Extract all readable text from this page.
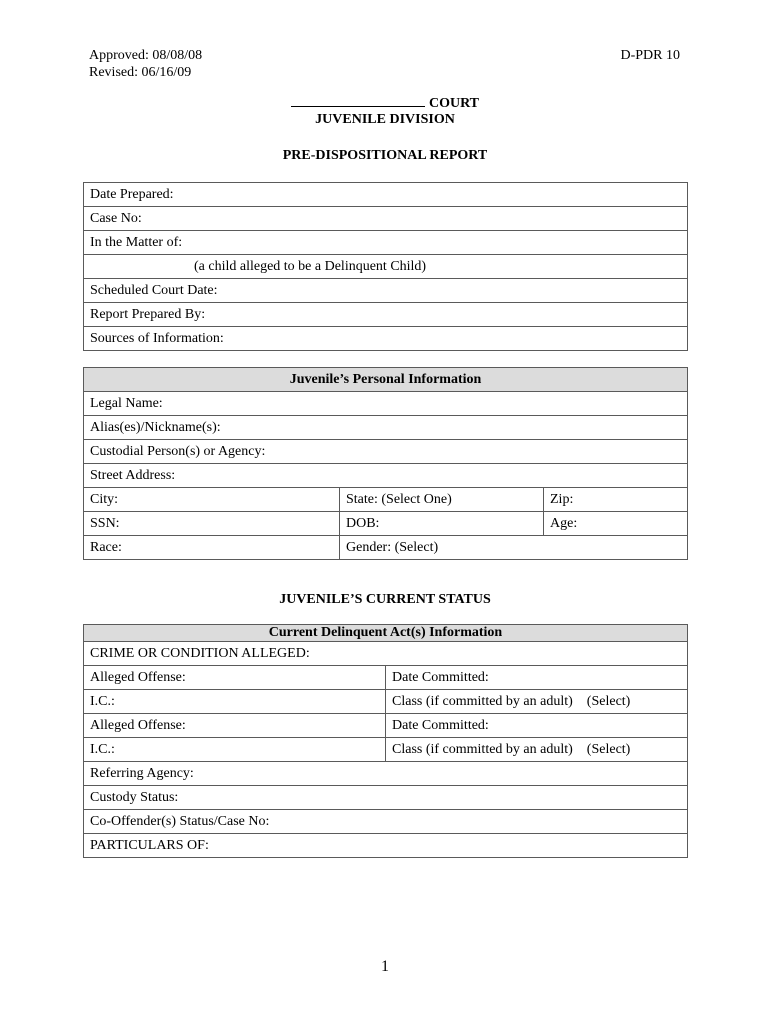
Approved: 08/08/08
Revised: 06/16/09
D-PDR 10
COURT
JUVENILE DIVISION
PRE-DISPOSITIONAL REPORT
Date Prepared:
Case No:
In the Matter of:
(a child alleged to be a Delinquent Child)
Scheduled Court Date:
Report Prepared By:
Sources of Information:
Juvenile’s Personal Information		
Legal Name:		
Alias(es)/Nickname(s):		
Custodial Person(s) or Agency:		
Street Address:		
City:	State: (Select One)	Zip:
SSN:	DOB:	Age:
Race:	Gender: (Select)	
JUVENILE’S CURRENT STATUS
Current Delinquent Act(s) Information	
CRIME OR CONDITION ALLEGED:	
Alleged Offense:	Date Committed:
I.C.:	Class (if committed by an adult) (Select)
Alleged Offense:	Date Committed:
I.C.:	Class (if committed by an adult) (Select)
Referring Agency:	
Custody Status:	
Co-Offender(s) Status/Case No:	
PARTICULARS OF:	
1
